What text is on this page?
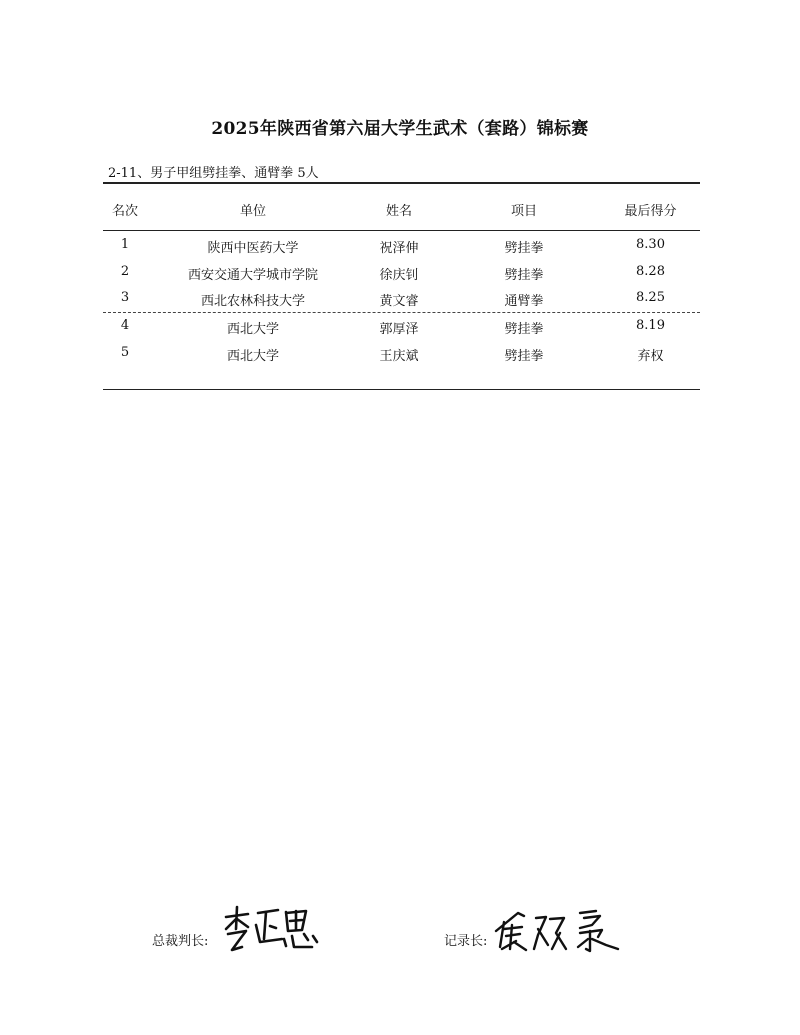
2025年陕西省第六届大学生武术（套路）锦标赛
2-11、男子甲组劈挂拳、通臂拳 5人
名次	单位	姓名	项目	最后得分
1	陕西中医药大学	祝泽伸	劈挂拳	8.30
2	西安交通大学城市学院	徐庆钊	劈挂拳	8.28
3	西北农林科技大学	黄文睿	通臂拳	8.25
4	西北大学	郭厚泽	劈挂拳	8.19
5	西北大学	王庆斌	劈挂拳	弃权
总裁判长:	记录长:
